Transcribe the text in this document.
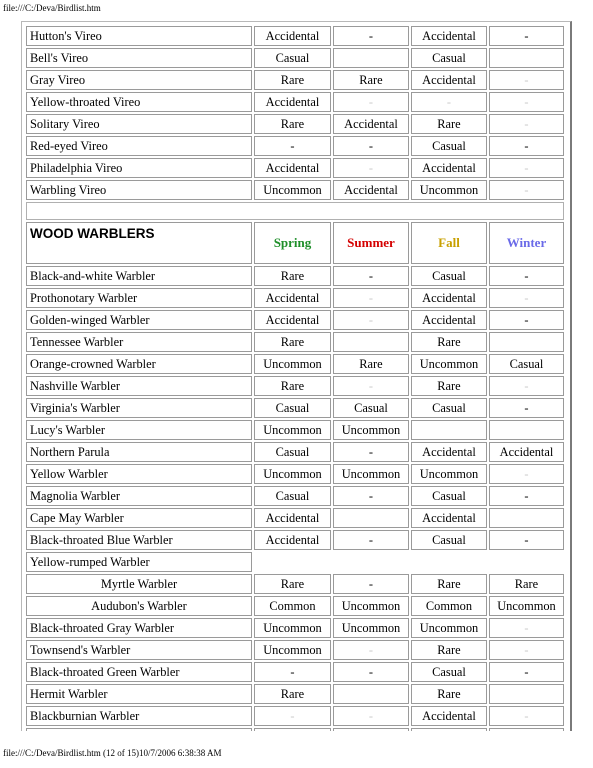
file:///C:/Deva/Birdlist.htm
Hutton's Vireo	Accidental	-	Accidental	-
Bell's Vireo	Casual		Casual	
Gray Vireo	Rare	Rare	Accidental	-
Yellow-throated Vireo	Accidental	-	-	-
Solitary Vireo	Rare	Accidental	Rare	-
Red-eyed Vireo	-	-	Casual	-
Philadelphia Vireo	Accidental	-	Accidental	-
Warbling Vireo	Uncommon	Accidental	Uncommon	-

WOOD WARBLERS	Spring	Summer	Fall	Winter
Black-and-white Warbler	Rare	-	Casual	-
Prothonotary Warbler	Accidental	-	Accidental	-
Golden-winged Warbler	Accidental	-	Accidental	-
Tennessee Warbler	Rare		Rare	
Orange-crowned Warbler	Uncommon	Rare	Uncommon	Casual
Nashville Warbler	Rare	-	Rare	-
Virginia's Warbler	Casual	Casual	Casual	-
Lucy's Warbler	Uncommon	Uncommon		
Northern Parula	Casual	-	Accidental	Accidental
Yellow Warbler	Uncommon	Uncommon	Uncommon	-
Magnolia Warbler	Casual	-	Casual	-
Cape May Warbler	Accidental		Accidental	
Black-throated Blue Warbler	Accidental	-	Casual	-
Yellow-rumped Warbler				
Myrtle Warbler	Rare	-	Rare	Rare
Audubon's Warbler	Common	Uncommon	Common	Uncommon
Black-throated Gray Warbler	Uncommon	Uncommon	Uncommon	-
Townsend's Warbler	Uncommon	-	Rare	-
Black-throated Green Warbler	-	-	Casual	-
Hermit Warbler	Rare		Rare	
Blackburnian Warbler	-	-	Accidental	-

file:///C:/Deva/Birdlist.htm (12 of 15)10/7/2006 6:38:38 AM
